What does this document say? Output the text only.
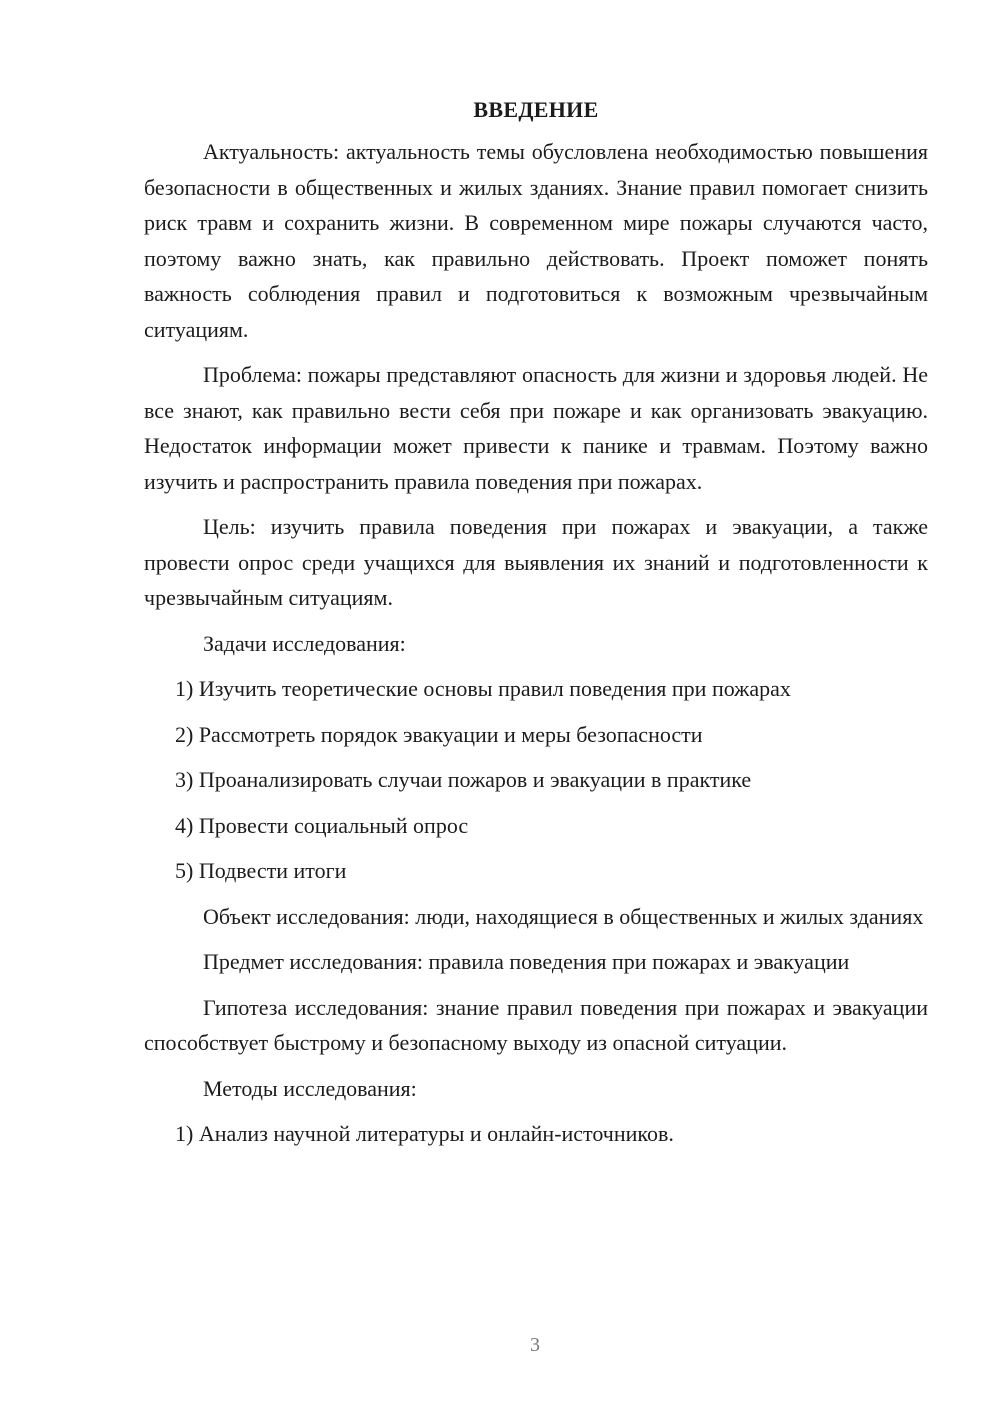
ВВЕДЕНИЕ

Актуальность: актуальность темы обусловлена необходимостью повышения безопасности в общественных и жилых зданиях. Знание правил помогает снизить риск травм и сохранить жизни. В современном мире пожары случаются часто, поэтому важно знать, как правильно действовать. Проект поможет понять важность соблюдения правил и подготовиться к возможным чрезвычайным ситуациям.

Проблема: пожары представляют опасность для жизни и здоровья людей. Не все знают, как правильно вести себя при пожаре и как организовать эвакуацию. Недостаток информации может привести к панике и травмам. Поэтому важно изучить и распространить правила поведения при пожарах.

Цель: изучить правила поведения при пожарах и эвакуации, а также провести опрос среди учащихся для выявления их знаний и подготовленности к чрезвычайным ситуациям.

Задачи исследования:
1) Изучить теоретические основы правил поведения при пожарах
2) Рассмотреть порядок эвакуации и меры безопасности
3) Проанализировать случаи пожаров и эвакуации в практике
4) Провести социальный опрос
5) Подвести итоги

Объект исследования: люди, находящиеся в общественных и жилых зданиях

Предмет исследования: правила поведения при пожарах и эвакуации

Гипотеза исследования: знание правил поведения при пожарах и эвакуации способствует быстрому и безопасному выходу из опасной ситуации.

Методы исследования:
1) Анализ научной литературы и онлайн-источников.
3
